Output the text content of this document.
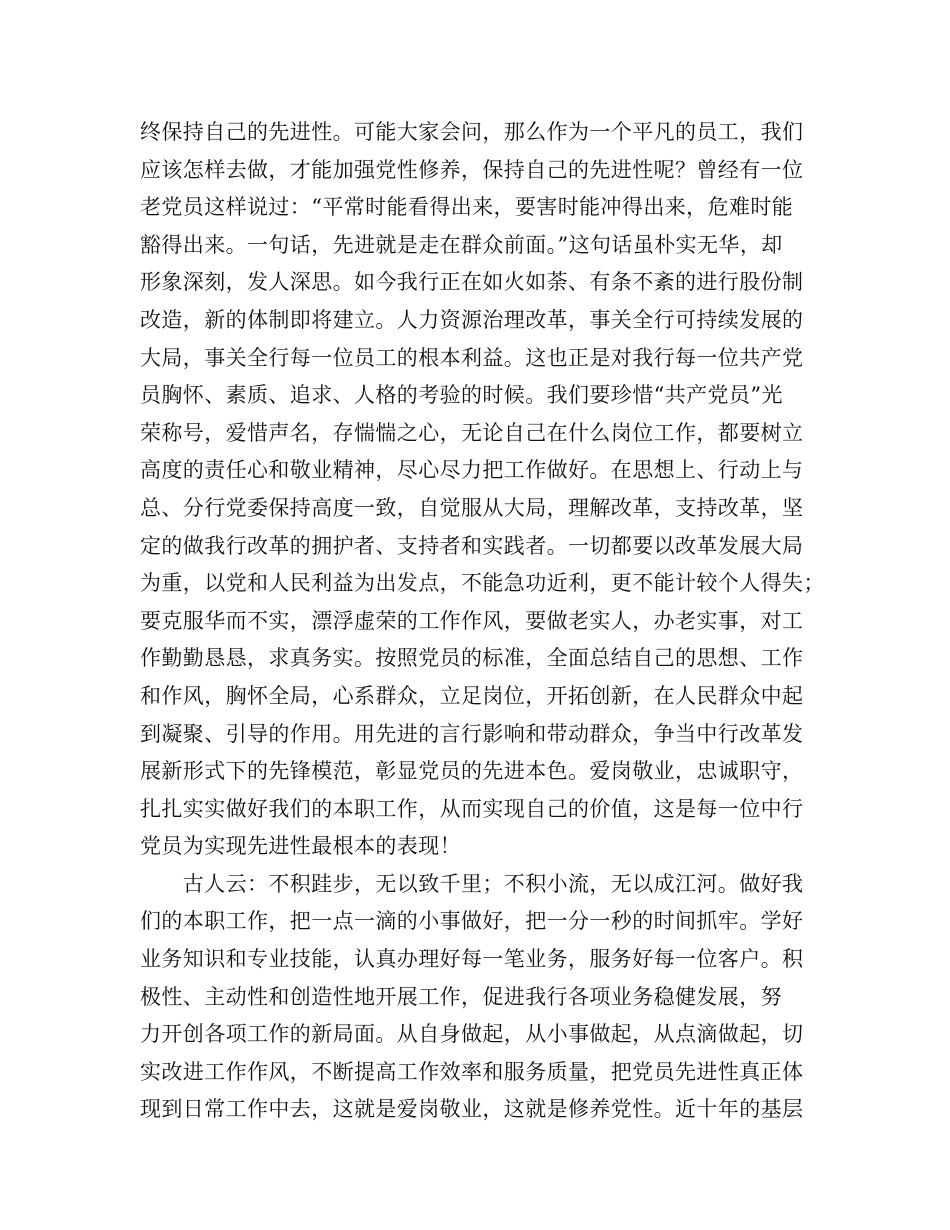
终保持自己的先进性。可能大家会问，那么作为一个平凡的员工，我们
应该怎样去做，才能加强党性修养，保持自己的先进性呢？曾经有一位
老党员这样说过：“平常时能看得出来，要害时能冲得出来，危难时能
豁得出来。一句话，先进就是走在群众前面。”这句话虽朴实无华，却
形象深刻，发人深思。如今我行正在如火如荼、有条不紊的进行股份制
改造，新的体制即将建立。人力资源治理改革，事关全行可持续发展的
大局，事关全行每一位员工的根本利益。这也正是对我行每一位共产党
员胸怀、素质、追求、人格的考验的时候。我们要珍惜“共产党员”光
荣称号，爱惜声名，存惴惴之心，无论自己在什么岗位工作，都要树立
高度的责任心和敬业精神，尽心尽力把工作做好。在思想上、行动上与
总、分行党委保持高度一致，自觉服从大局，理解改革，支持改革，坚
定的做我行改革的拥护者、支持者和实践者。一切都要以改革发展大局
为重，以党和人民利益为出发点，不能急功近利，更不能计较个人得失；
要克服华而不实，漂浮虚荣的工作作风，要做老实人，办老实事，对工
作勤勤恳恳，求真务实。按照党员的标准，全面总结自己的思想、工作
和作风，胸怀全局，心系群众，立足岗位，开拓创新，在人民群众中起
到凝聚、引导的作用。用先进的言行影响和带动群众，争当中行改革发
展新形式下的先锋模范，彰显党员的先进本色。爱岗敬业，忠诚职守，
扎扎实实做好我们的本职工作，从而实现自己的价值，这是每一位中行
党员为实现先进性最根本的表现！
　　古人云：不积跬步，无以致千里；不积小流，无以成江河。做好我
们的本职工作，把一点一滴的小事做好，把一分一秒的时间抓牢。学好
业务知识和专业技能，认真办理好每一笔业务，服务好每一位客户。积
极性、主动性和创造性地开展工作，促进我行各项业务稳健发展，努
力开创各项工作的新局面。从自身做起，从小事做起，从点滴做起，切
实改进工作作风，不断提高工作效率和服务质量，把党员先进性真正体
现到日常工作中去，这就是爱岗敬业，这就是修养党性。近十年的基层
